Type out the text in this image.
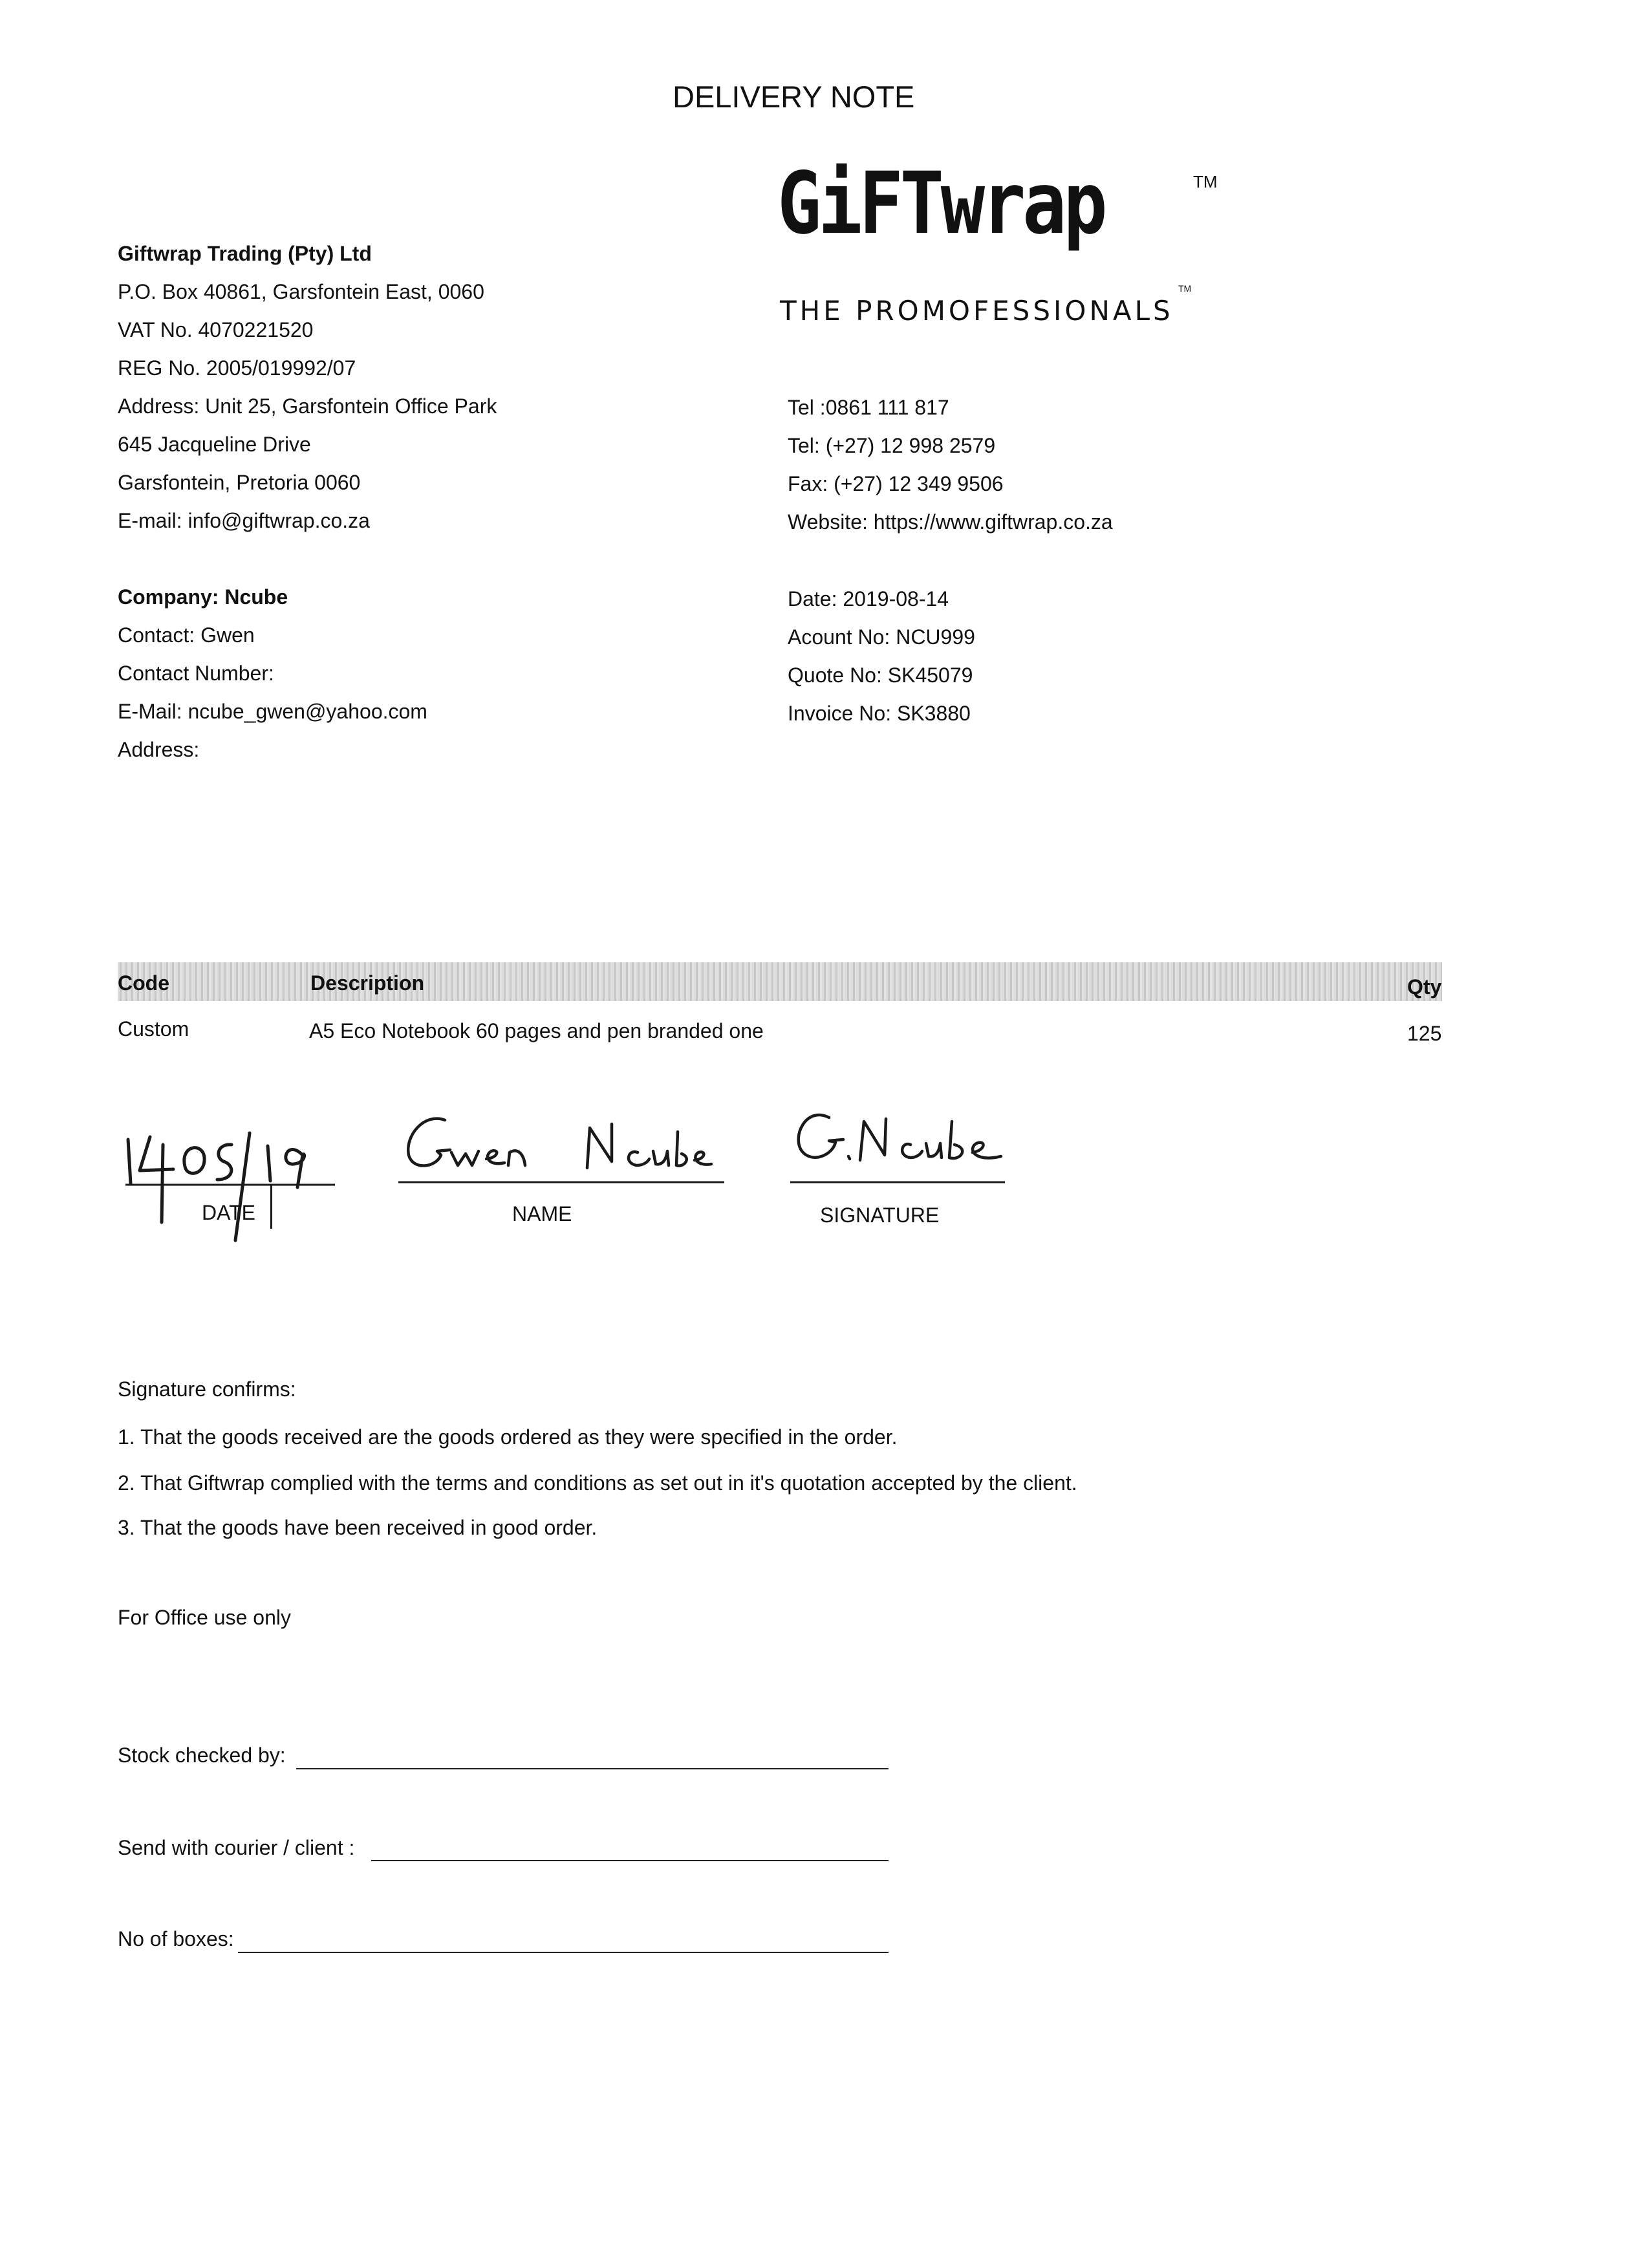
DELIVERY NOTE
GiFTwrap	TM
THE PROMOFESSIONALS
TM
Giftwrap Trading (Pty) Ltd
P.O. Box 40861, Garsfontein East, 0060
VAT No. 4070221520
REG No. 2005/019992/07
Address: Unit 25, Garsfontein Office Park
645 Jacqueline Drive
Garsfontein, Pretoria 0060
E-mail: info@giftwrap.co.za
Tel :0861 111 817
Tel: (+27) 12 998 2579
Fax: (+27) 12 349 9506
Website: https://www.giftwrap.co.za
Company: Ncube
Contact: Gwen
Contact Number:
E-Mail: ncube_gwen@yahoo.com
Address:
Date: 2019-08-14
Acount No: NCU999
Quote No: SK45079
Invoice No: SK3880
Code	Description	Qty
Custom	A5 Eco Notebook 60 pages and pen branded one	125
DATE	NAME	SIGNATURE
Signature confirms:
1. That the goods received are the goods ordered as they were specified in the order.
2. That Giftwrap complied with the terms and conditions as set out in it's quotation accepted by the client.
3. That the goods have been received in good order.
For Office use only
Stock checked by:
Send with courier / client :
No of boxes:
